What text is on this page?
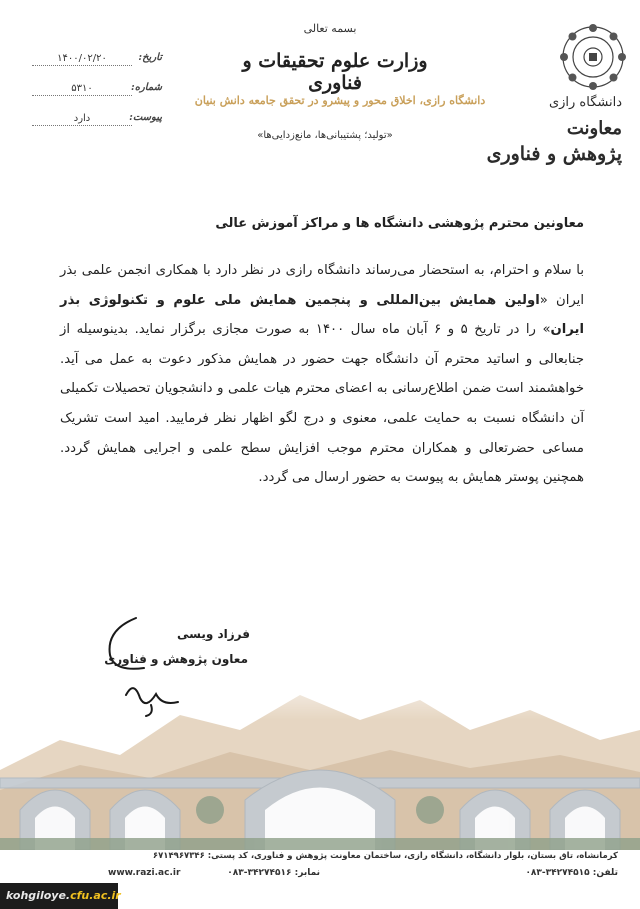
دانشگاه رازی
معاونت
پژوهش و فناوری
بسمه تعالی
وزارت علوم تحقیقات و فناوری
دانشگاه رازی، اخلاق محور و پیشرو در تحقق جامعه دانش بنیان
«تولید؛ پشتیبانی‌ها، مانع‌زدایی‌ها»
۱۴۰۰/۰۲/۲۰	تاریخ:
۵۳۱۰	شماره:
دارد	پیوست:
معاونین محترم پژوهشی دانشگاه ها و مراکز آموزش عالی
با سلام و احترام، به استحضار می‌رساند دانشگاه رازی در نظر دارد با همکاری انجمن علمی بذر ایران «اولین همایش بین‌المللی و پنجمین همایش ملی علوم و تکنولوژی بذر ایران» را در تاریخ ۵ و ۶ آبان ماه سال ۱۴۰۰ به صورت مجازی برگزار نماید. بدینوسیله از جنابعالی و اساتید محترم آن دانشگاه جهت حضور در همایش مذکور دعوت به عمل می آید. خواهشمند است ضمن اطلاع‌رسانی به اعضای محترم هیات علمی و دانشجویان تحصیلات تکمیلی آن دانشگاه نسبت به حمایت علمی، معنوی و درج لگو اظهار نظر فرمایید. امید است تشریک مساعی حضرتعالی و همکاران محترم موجب افزایش سطح علمی و اجرایی همایش گردد. همچنین پوستر همایش به پیوست به حضور ارسال می گردد.
فرزاد ویسی
معاون پژوهش و فناوری
کرمانشاه، تاق بستان، بلوار دانشگاه، دانشگاه رازی، ساختمان معاونت پژوهش و فناوری، کد پستی: ۶۷۱۴۹۶۷۳۴۶
تلفن: ۳۴۲۷۴۵۱۵-۰۸۳
نمابر: ۳۴۲۷۴۵۱۶-۰۸۳
www.razi.ac.ir
kohgiloye.cfu.ac.ir
